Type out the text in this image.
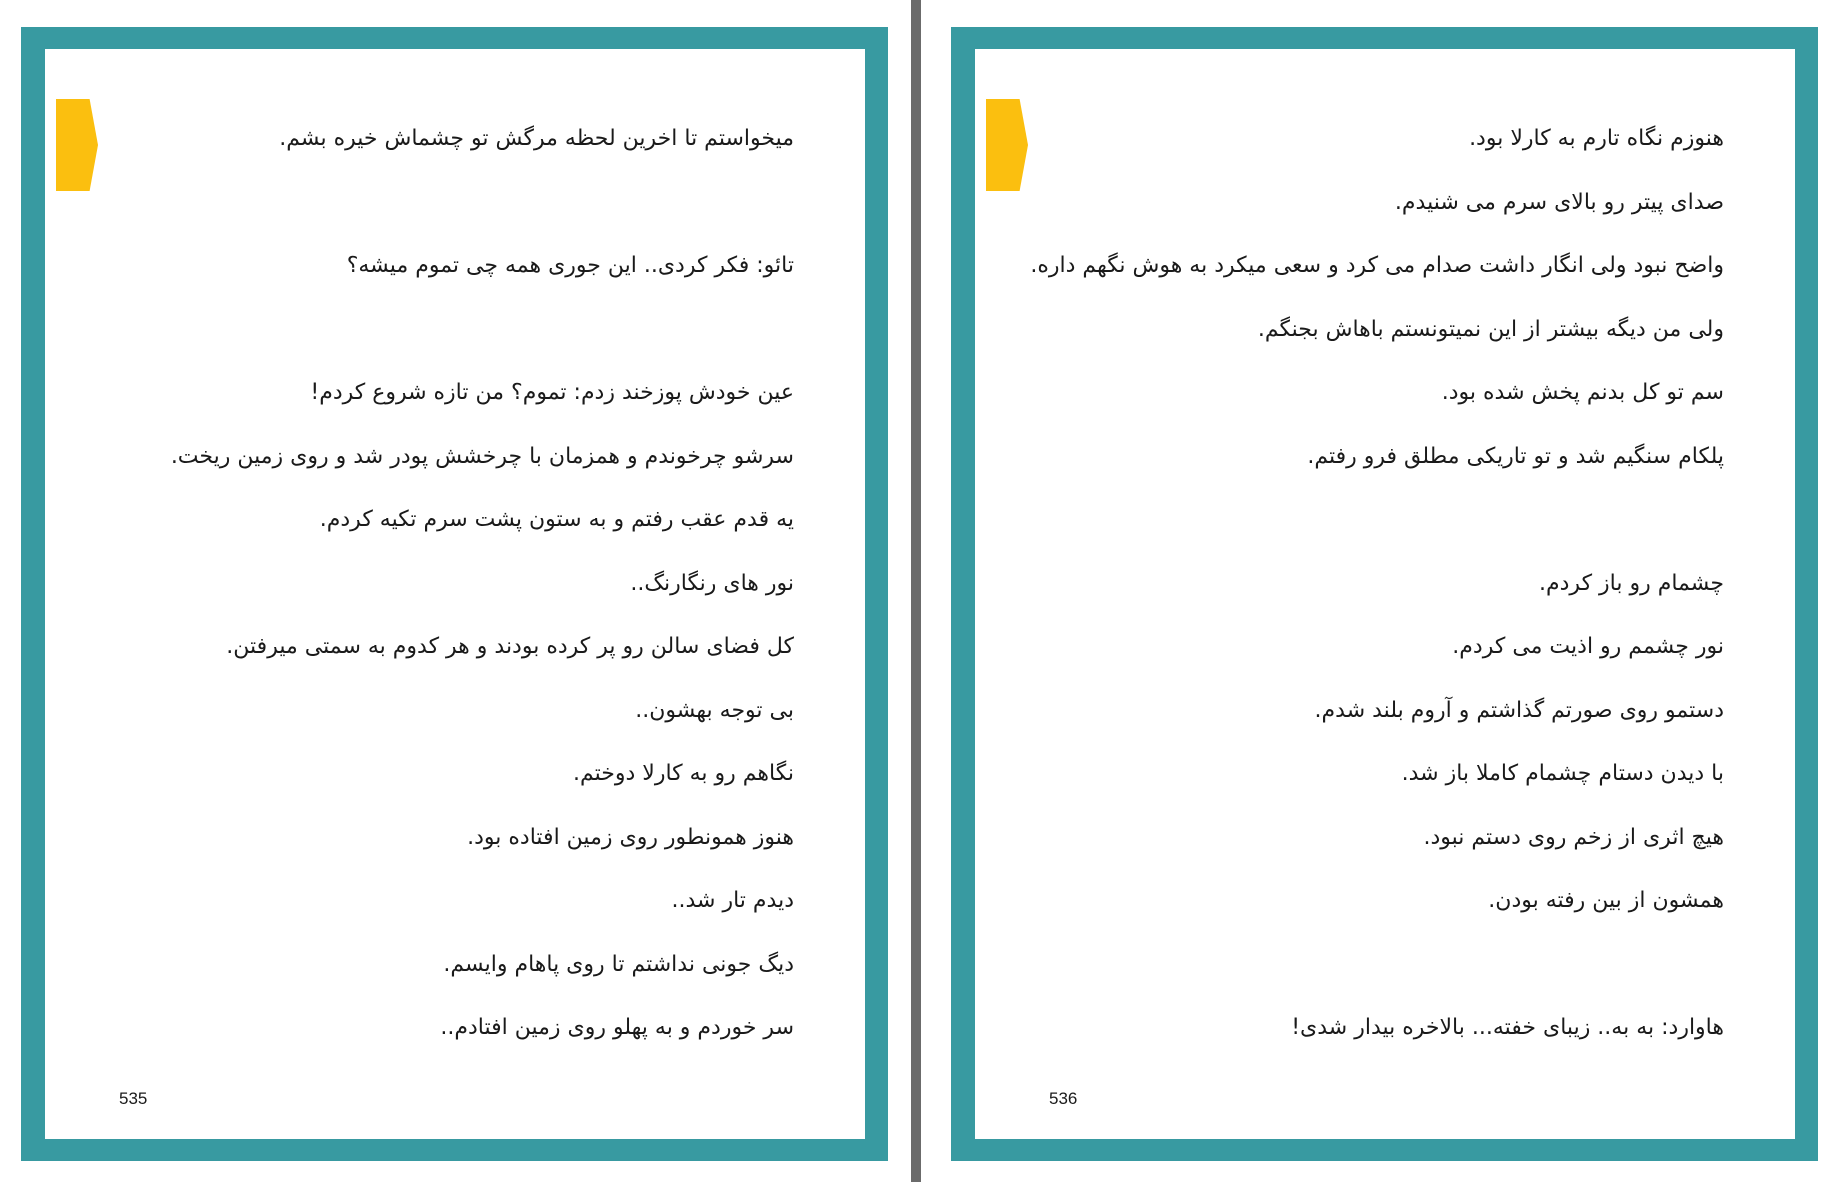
میخواستم تا اخرین لحظه مرگش تو چشماش خیره بشم.
تائو: فکر کردی.. این جوری همه چی تموم میشه؟
عین خودش پوزخند زدم: تموم؟ من تازه شروع کردم!
سرشو چرخوندم و همزمان با چرخشش پودر شد و روی زمین ریخت.
یه قدم عقب رفتم و به ستون پشت سرم تکیه کردم.
نور های رنگارنگ..
کل فضای سالن رو پر کرده بودند و هر کدوم به سمتی میرفتن.
بی توجه بهشون..
نگاهم رو به کارلا دوختم.
هنوز همونطور روی زمین افتاده بود.
دیدم تار شد..
دیگ جونی نداشتم تا روی پاهام وایسم.
سر خوردم و به پهلو روی زمین افتادم..
535
هنوزم نگاه تارم به کارلا بود.
صدای پیتر رو بالای سرم می شنیدم.
واضح نبود ولی انگار داشت صدام می کرد و سعی میکرد به هوش نگهم داره.
ولی من دیگه بیشتر از این نمیتونستم باهاش بجنگم.
سم تو کل بدنم پخش شده بود.
پلکام سنگیم شد و تو تاریکی مطلق فرو رفتم.
چشمام رو باز کردم.
نور چشمم رو اذیت می کردم.
دستمو روی صورتم گذاشتم و آروم بلند شدم.
با دیدن دستام چشمام کاملا باز شد.
هیچ اثری از زخم روی دستم نبود.
همشون از بین رفته بودن.
هاوارد: به به.. زیبای خفته... بالاخره بیدار شدی!
536
